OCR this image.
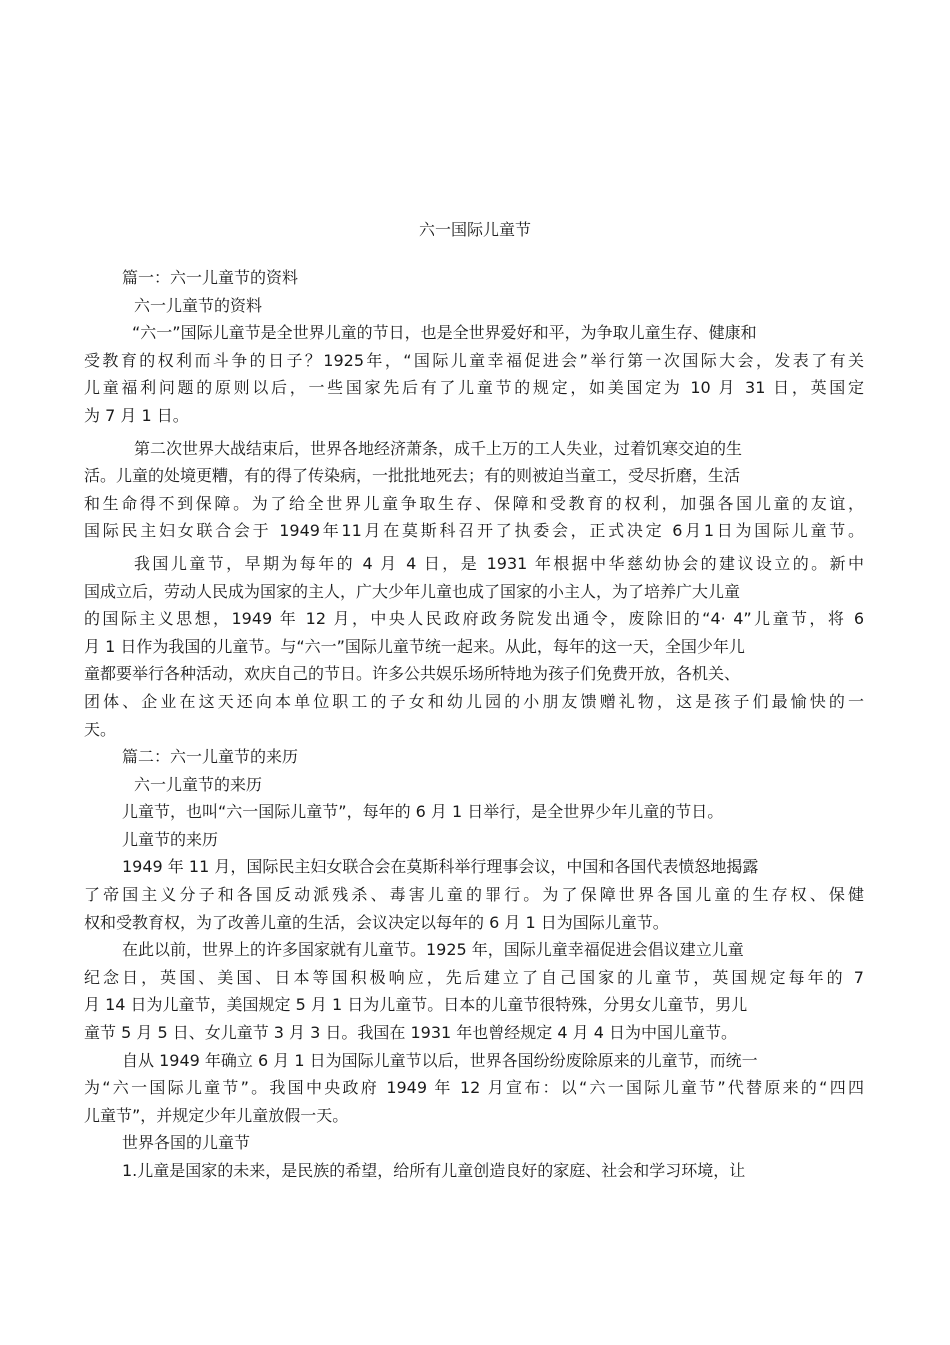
六一国际儿童节
篇一：六一儿童节的资料
六一儿童节的资料
“六一”国际儿童节是全世界儿童的节日，也是全世界爱好和平，为争取儿童生存、健康和
受教育的权利而斗争的日子？1925年，“国际儿童幸福促进会”举行第一次国际大会，发表了有关
儿童福利问题的原则以后，一些国家先后有了儿童节的规定，如美国定为 10 月 31 日，英国定
为 7 月 1 日。
第二次世界大战结束后，世界各地经济萧条，成千上万的工人失业，过着饥寒交迫的生
活。儿童的处境更糟，有的得了传染病，一批批地死去；有的则被迫当童工，受尽折磨，生活
和生命得不到保障。为了给全世界儿童争取生存、保障和受教育的权利，加强各国儿童的友谊，
国际民主妇女联合会于 1949年11月在莫斯科召开了执委会，正式决定 6月1日为国际儿童节。
我国儿童节，早期为每年的 4 月 4 日，是 1931 年根据中华慈幼协会的建议设立的。新中
国成立后，劳动人民成为国家的主人，广大少年儿童也成了国家的小主人，为了培养广大儿童
的国际主义思想，1949 年 12 月，中央人民政府政务院发出通令，废除旧的“4· 4”儿童节，将 6
月 1 日作为我国的儿童节。与“六一”国际儿童节统一起来。从此，每年的这一天，全国少年儿
童都要举行各种活动，欢庆自己的节日。许多公共娱乐场所特地为孩子们免费开放，各机关、
团体、企业在这天还向本单位职工的子女和幼儿园的小朋友馈赠礼物，这是孩子们最愉快的一
天。
篇二：六一儿童节的来历
六一儿童节的来历
儿童节，也叫“六一国际儿童节”，每年的 6 月 1 日举行，是全世界少年儿童的节日。
儿童节的来历
1949 年 11 月，国际民主妇女联合会在莫斯科举行理事会议，中国和各国代表愤怒地揭露
了帝国主义分子和各国反动派残杀、毒害儿童的罪行。为了保障世界各国儿童的生存权、保健
权和受教育权，为了改善儿童的生活，会议决定以每年的 6 月 1 日为国际儿童节。
在此以前，世界上的许多国家就有儿童节。1925 年，国际儿童幸福促进会倡议建立儿童
纪念日，英国、美国、日本等国积极响应，先后建立了自己国家的儿童节，英国规定每年的 7
月 14 日为儿童节，美国规定 5 月 1 日为儿童节。日本的儿童节很特殊，分男女儿童节，男儿
童节 5 月 5 日、女儿童节 3 月 3 日。我国在 1931 年也曾经规定 4 月 4 日为中国儿童节。
自从 1949 年确立 6 月 1 日为国际儿童节以后，世界各国纷纷废除原来的儿童节，而统一
为“六一国际儿童节”。我国中央政府 1949 年 12 月宣布：以“六一国际儿童节”代替原来的“四四
儿童节”，并规定少年儿童放假一天。
世界各国的儿童节
1.儿童是国家的未来，是民族的希望，给所有儿童创造良好的家庭、社会和学习环境，让
